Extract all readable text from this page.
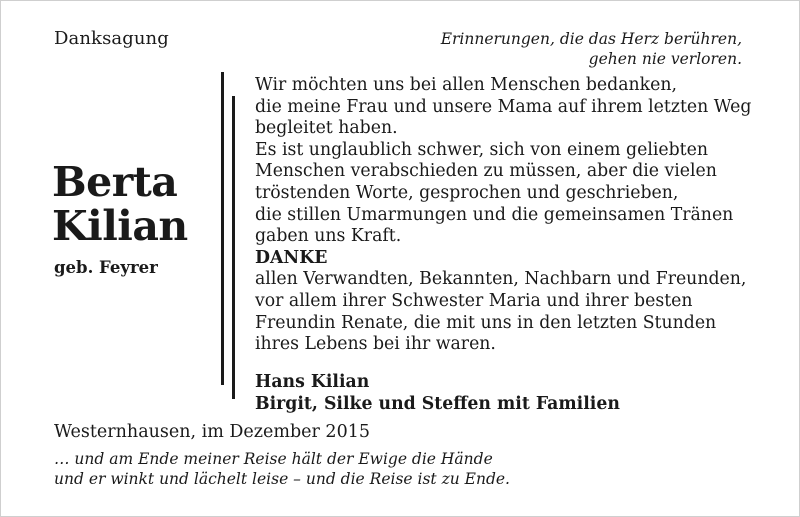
Danksagung	Erinnerungen, die das Herz berühren,
gehen nie verloren.
Berta
Kilian
geb. Feyrer
Wir möchten uns bei allen Menschen bedanken,
die meine Frau und unsere Mama auf ihrem letzten Weg
begleitet haben.
Es ist unglaublich schwer, sich von einem geliebten
Menschen verabschieden zu müssen, aber die vielen
tröstenden Worte, gesprochen und geschrieben,
die stillen Umarmungen und die gemeinsamen Tränen
gaben uns Kraft.
DANKE
allen Verwandten, Bekannten, Nachbarn und Freunden,
vor allem ihrer Schwester Maria und ihrer besten
Freundin Renate, die mit uns in den letzten Stunden
ihres Lebens bei ihr waren.
Hans Kilian
Birgit, Silke und Steffen mit Familien
Westernhausen, im Dezember 2015
… und am Ende meiner Reise hält der Ewige die Hände
und er winkt und lächelt leise – und die Reise ist zu Ende.
